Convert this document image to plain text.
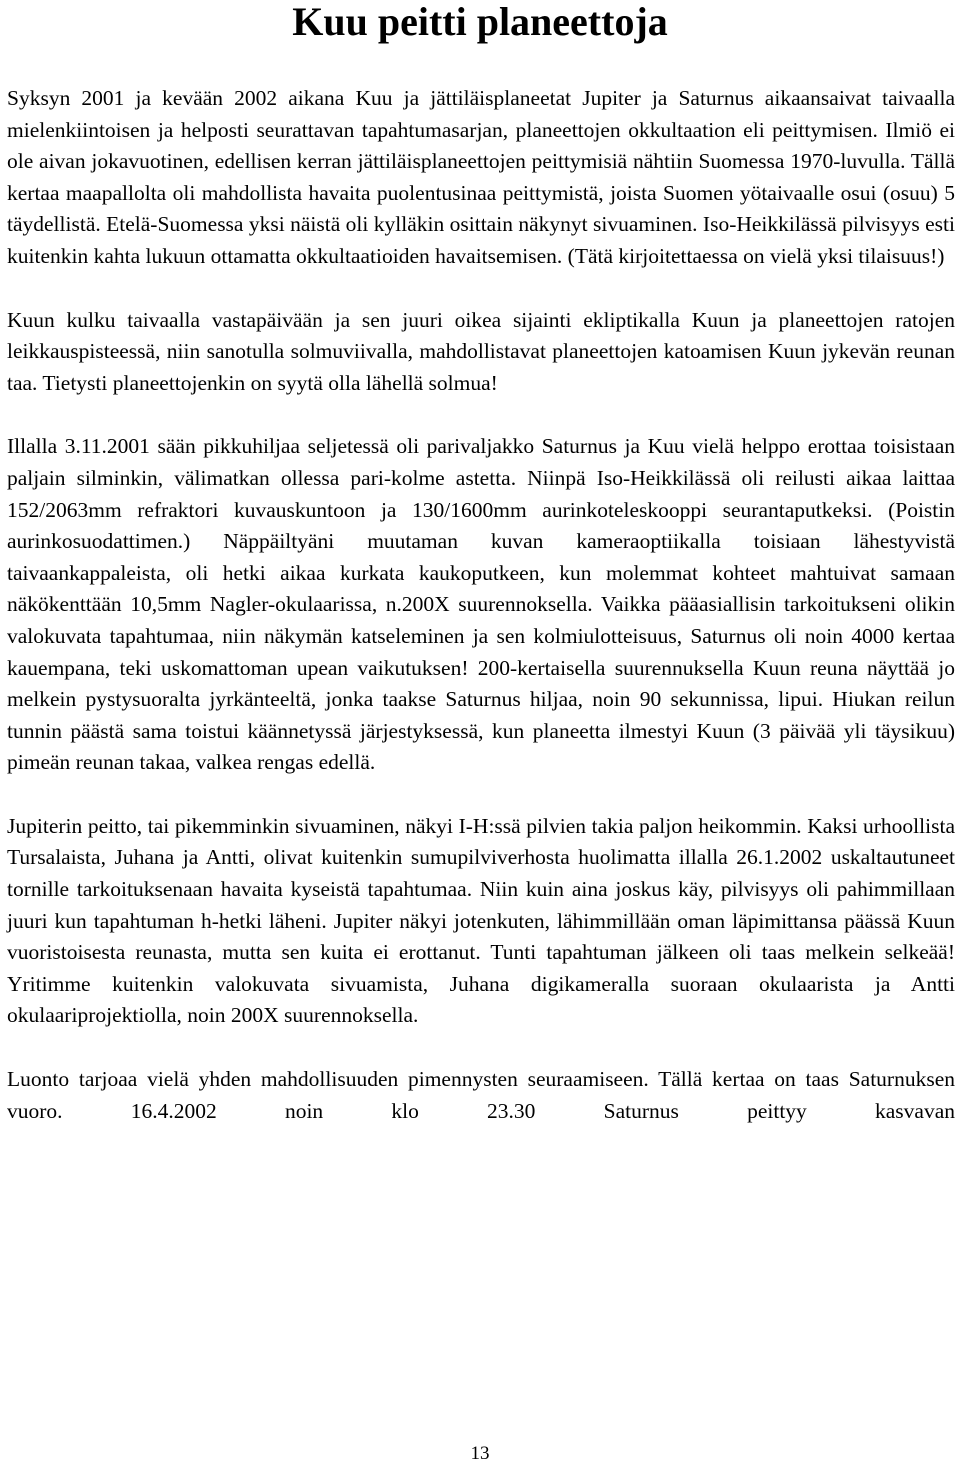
Kuu peitti planeettoja

Syksyn 2001 ja kevään 2002 aikana Kuu ja jättiläisplaneetat Jupiter ja Saturnus aikaansaivat taivaalla mielenkiintoisen ja helposti seurattavan tapahtumasarjan, planeettojen okkultaation eli peittymisen. Ilmiö ei ole aivan jokavuotinen, edellisen kerran jättiläisplaneettojen peittymisiä nähtiin Suomessa 1970-luvulla. Tällä kertaa maapallolta oli mahdollista havaita puolentusinaa peittymistä, joista Suomen yötaivaalle osui (osuu) 5 täydellistä. Etelä-Suomessa yksi näistä oli kylläkin osittain näkynyt sivuaminen. Iso-Heikkilässä pilvisyys esti kuitenkin kahta lukuun ottamatta okkultaatioiden havaitsemisen. (Tätä kirjoitettaessa on vielä yksi tilaisuus!)

Kuun kulku taivaalla vastapäivään ja sen juuri oikea sijainti ekliptikalla Kuun ja planeettojen ratojen leikkauspisteessä, niin sanotulla solmuviivalla, mahdollistavat planeettojen katoamisen Kuun jykevän reunan taa. Tietysti planeettojenkin on syytä olla lähellä solmua!

Illalla 3.11.2001 sään pikkuhiljaa seljetessä oli parivaljakko Saturnus ja Kuu vielä helppo erottaa toisistaan paljain silminkin, välimatkan ollessa pari-kolme astetta. Niinpä Iso-Heikkilässä oli reilusti aikaa laittaa 152/2063mm refraktori kuvauskuntoon ja 130/1600mm aurinkoteleskooppi seurantaputkeksi. (Poistin aurinkosuodattimen.) Näppäiltyäni muutaman kuvan kameraoptiikalla toisiaan lähestyvistä taivaankappaleista, oli hetki aikaa kurkata kaukoputkeen, kun molemmat kohteet mahtuivat samaan näkökenttään 10,5mm Nagler-okulaarissa, n.200X suurennoksella. Vaikka pääasiallisin tarkoitukseni olikin valokuvata tapahtumaa, niin näkymän katseleminen ja sen kolmiulotteisuus, Saturnus oli noin 4000 kertaa kauempana, teki uskomattoman upean vaikutuksen! 200-kertaisella suurennuksella Kuun reuna näyttää jo melkein pystysuoralta jyrkänteeltä, jonka taakse Saturnus hiljaa, noin 90 sekunnissa, lipui. Hiukan reilun tunnin päästä sama toistui käännetyssä järjestyksessä, kun planeetta ilmestyi Kuun (3 päivää yli täysikuu) pimeän reunan takaa, valkea rengas edellä.

Jupiterin peitto, tai pikemminkin sivuaminen, näkyi I-H:ssä pilvien takia paljon heikommin. Kaksi urhoollista Tursalaista, Juhana ja Antti, olivat kuitenkin sumupilviverhosta huolimatta illalla 26.1.2002 uskaltautuneet tornille tarkoituksenaan havaita kyseistä tapahtumaa. Niin kuin aina joskus käy, pilvisyys oli pahimmillaan juuri kun tapahtuman h-hetki läheni. Jupiter näkyi jotenkuten, lähimmillään oman läpimittansa päässä Kuun vuoristoisesta reunasta, mutta sen kuita ei erottanut. Tunti tapahtuman jälkeen oli taas melkein selkeää! Yritimme kuitenkin valokuvata sivuamista, Juhana digikameralla suoraan okulaarista ja Antti okulaariprojektiolla, noin 200X suurennoksella.

Luonto tarjoaa vielä yhden mahdollisuuden pimennysten seuraamiseen. Tällä kertaa on taas Saturnuksen vuoro. 16.4.2002 noin klo 23.30 Saturnus peittyy kasvavan

13
